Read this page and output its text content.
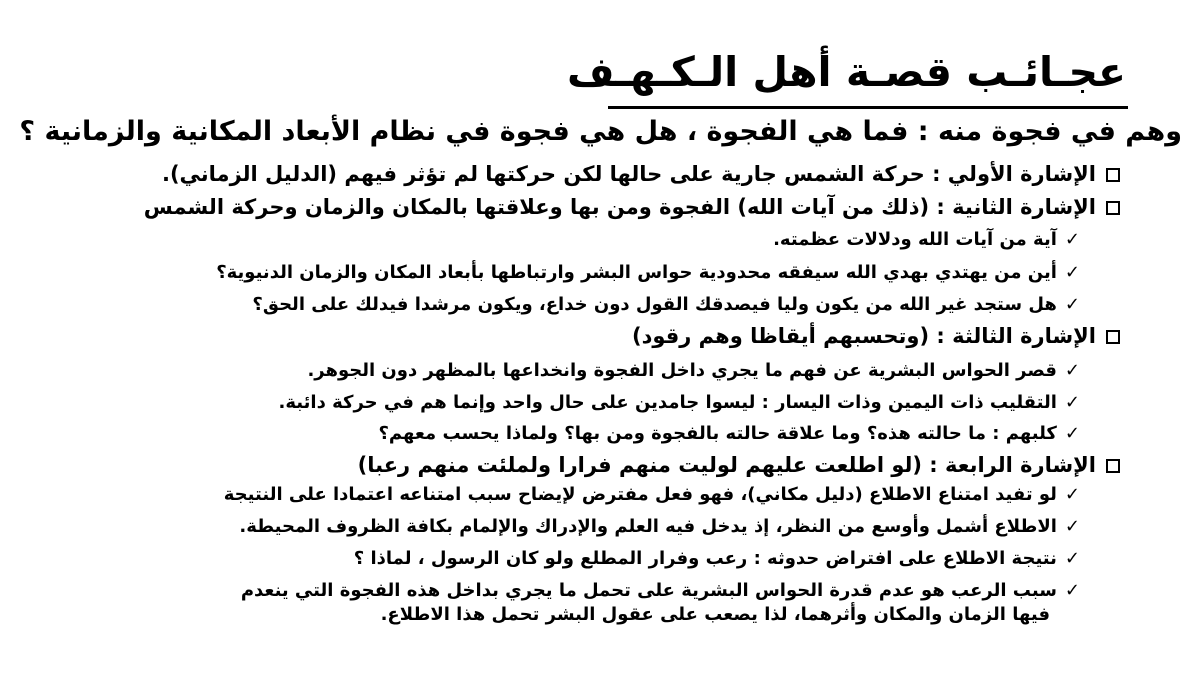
عجـائـب قصـة أهل الـكـهـف
وهم في فجوة منه : فما هي الفجوة ، هل هي فجوة في نظام الأبعاد المكانية والزمانية ؟
الإشارة الأولي : حركة الشمس جارية على حالها لكن حركتها لم تؤثر فيهم (الدليل الزماني).
الإشارة الثانية : (ذلك من آيات الله) الفجوة ومن بها وعلاقتها بالمكان والزمان وحركة الشمس
✓آية من آيات الله ودلالات عظمته.
✓أين من يهتدي بهدي الله سيفقه محدودية حواس البشر وارتباطها بأبعاد المكان والزمان الدنيوية؟
✓هل ستجد غير الله من يكون وليا فيصدقك القول دون خداع، ويكون مرشدا فيدلك على الحق؟
الإشارة الثالثة : (وتحسبهم أيقاظا وهم رقود)
✓قصر الحواس البشرية عن فهم ما يجري داخل الفجوة وانخداعها بالمظهر دون الجوهر.
✓التقليب ذات اليمين وذات اليسار : ليسوا جامدين على حال واحد وإنما هم في حركة دائبة.
✓كلبهم : ما حالته هذه؟ وما علاقة حالته بالفجوة ومن بها؟ ولماذا يحسب معهم؟
الإشارة الرابعة : (لو اطلعت عليهم لوليت منهم فرارا ولملئت منهم رعبا)
✓لو تفيد امتناع الاطلاع (دليل مكاني)، فهو فعل مفترض لإيضاح سبب امتناعه اعتمادا على النتيجة
✓الاطلاع أشمل وأوسع من النظر، إذ يدخل فيه العلم والإدراك والإلمام بكافة الظروف المحيطة.
✓نتيجة الاطلاع على افتراض حدوثه : رعب وفرار المطلع ولو كان الرسول ، لماذا ؟
✓سبب الرعب هو عدم قدرة الحواس البشرية على تحمل ما يجري بداخل هذه الفجوة التي ينعدم
فيها الزمان والمكان وأثرهما، لذا يصعب على عقول البشر تحمل هذا الاطلاع.
